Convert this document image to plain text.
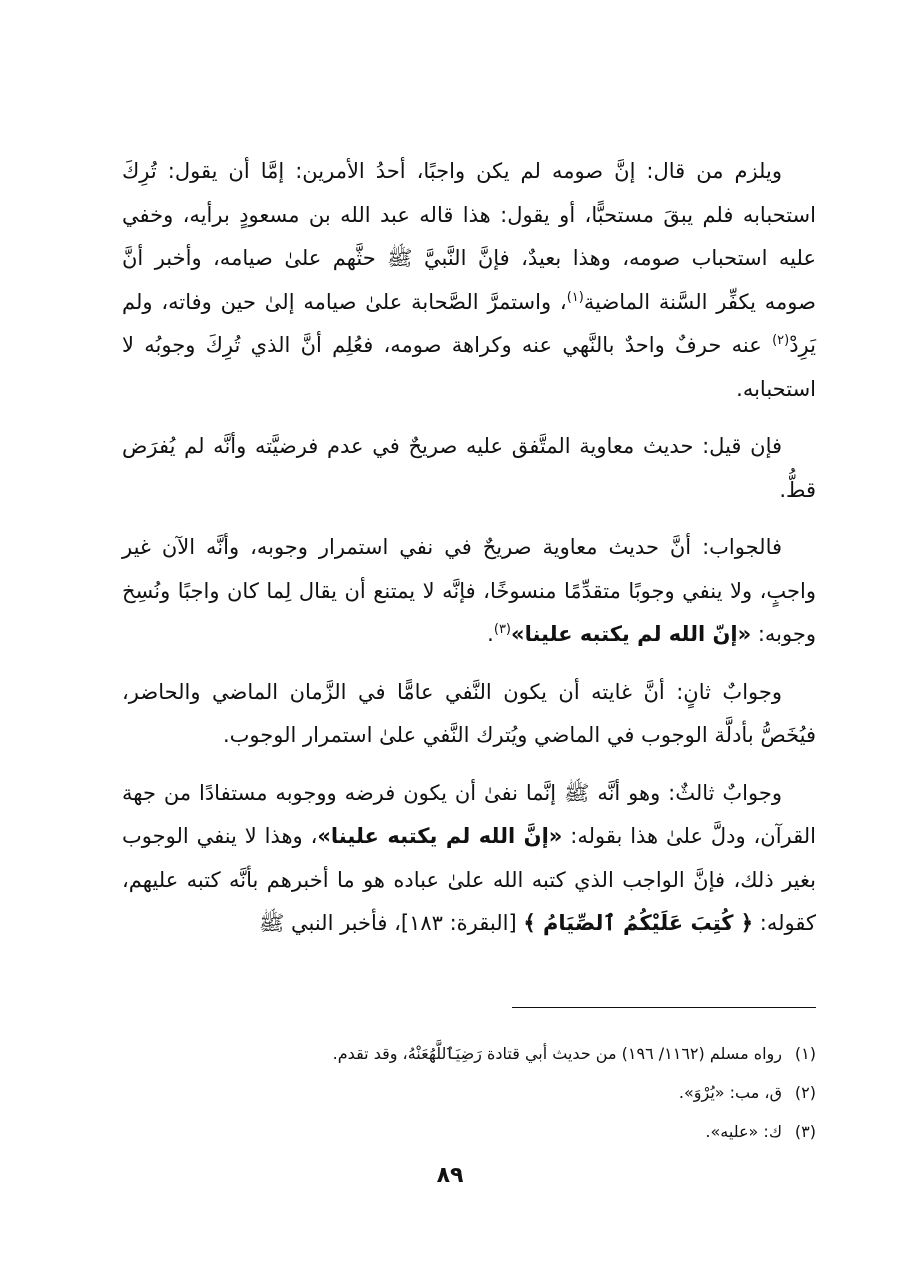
ويلزم من قال: إنَّ صومه لم يكن واجبًا، أحدُ الأمرين: إمَّا أن يقول: تُرِكَ استحبابه فلم يبقَ مستحبًّا، أو يقول: هذا قاله عبد الله بن مسعودٍ برأيه، وخفي عليه استحباب صومه، وهذا بعيدٌ، فإنَّ النَّبيَّ ﷺ حثَّهم علىٰ صيامه، وأخبر أنَّ صومه يكفِّر السَّنة الماضية$^{(١)}$، واستمرَّ الصَّحابة علىٰ صيامه إلىٰ حين وفاته، ولم يَرِدْ$^{(٢)}$ عنه حرفٌ واحدٌ بالنَّهي عنه وكراهة صومه، فعُلِم أنَّ الذي تُرِكَ وجوبُه لا استحبابه.

فإن قيل: حديث معاوية المتَّفق عليه صريحٌ في عدم فرضيَّته وأنَّه لم يُفرَض قطُّ.

فالجواب: أنَّ حديث معاوية صريحٌ في نفي استمرار وجوبه، وأنَّه الآن غير واجبٍ، ولا ينفي وجوبًا متقدِّمًا منسوخًا، فإنَّه لا يمتنع أن يقال لِما كان واجبًا ونُسِخ وجوبه: «إنّ الله لم يكتبه علينا»$^{(٣)}$.

وجوابٌ ثانٍ: أنَّ غايته أن يكون النَّفي عامًّا في الزَّمان الماضي والحاضر، فيُخَصُّ بأدلَّة الوجوب في الماضي ويُترك النَّفي علىٰ استمرار الوجوب.

وجوابٌ ثالثٌ: وهو أنَّه ﷺ إنَّما نفىٰ أن يكون فرضه ووجوبه مستفادًا من جهة القرآن، ودلَّ علىٰ هذا بقوله: «إنَّ الله لم يكتبه علينا»، وهذا لا ينفي الوجوب بغير ذلك، فإنَّ الواجب الذي كتبه الله علىٰ عباده هو ما أخبرهم بأنَّه كتبه عليهم، كقوله: ﴿ كُتِبَ عَلَيْكُمُ ٱلصِّيَامُ ﴾ [البقرة: ١٨٣]، فأخبر النبي ﷺ

(١)رواه مسلم (١١٦٢/ ١٩٦) من حديث أبي قتادة رَضِيَٱللَّهُعَنْهُ، وقد تقدم.

(٢)ق، مب: «يُرْوَ».

(٣)ك: «عليه».

٨٩
